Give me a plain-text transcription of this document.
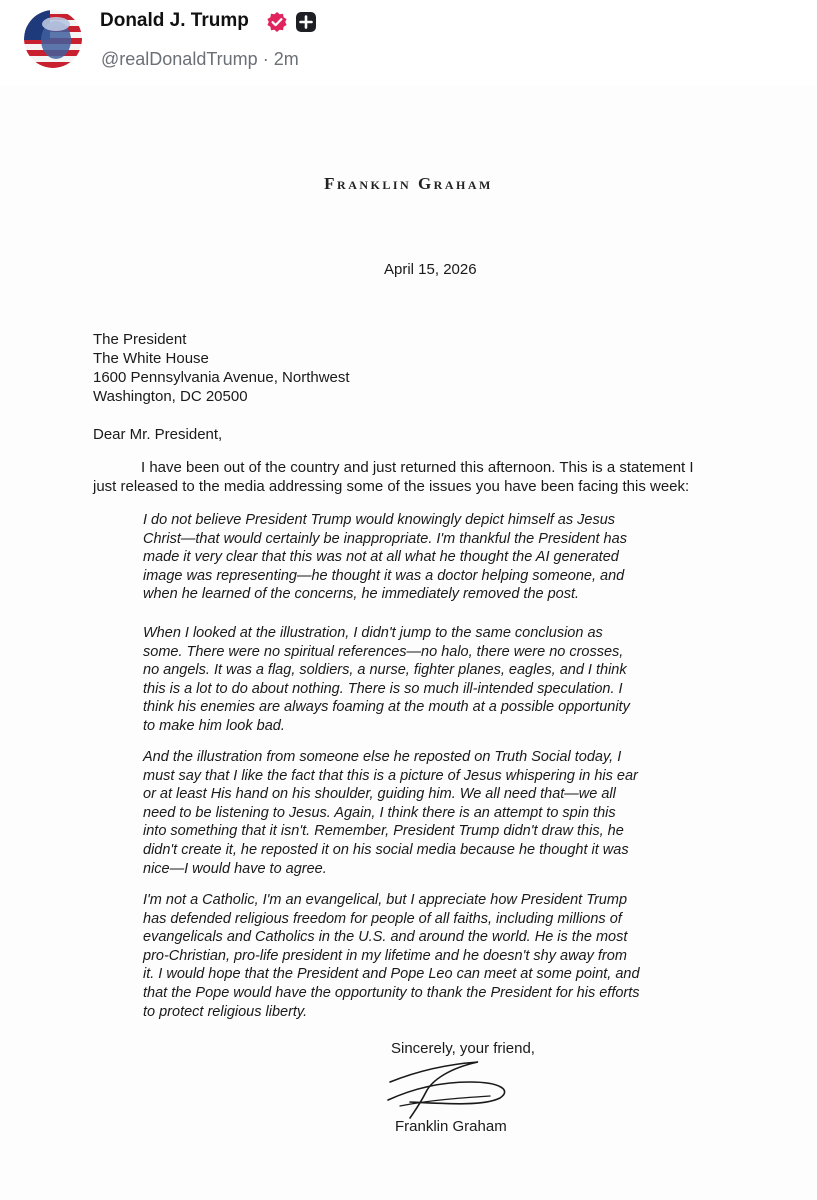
Donald J. Trump
@realDonaldTrump · 2m
Franklin Graham
April 15, 2026
The President
The White House
1600 Pennsylvania Avenue, Northwest
Washington, DC 20500
Dear Mr. President,
I have been out of the country and just returned this afternoon. This is a statement I
just released to the media addressing some of the issues you have been facing this week:
I do not believe President Trump would knowingly depict himself as Jesus
Christ—that would certainly be inappropriate. I'm thankful the President has
made it very clear that this was not at all what he thought the AI generated
image was representing—he thought it was a doctor helping someone, and
when he learned of the concerns, he immediately removed the post.
When I looked at the illustration, I didn't jump to the same conclusion as
some. There were no spiritual references—no halo, there were no crosses,
no angels. It was a flag, soldiers, a nurse, fighter planes, eagles, and I think
this is a lot to do about nothing. There is so much ill-intended speculation. I
think his enemies are always foaming at the mouth at a possible opportunity
to make him look bad.
And the illustration from someone else he reposted on Truth Social today, I
must say that I like the fact that this is a picture of Jesus whispering in his ear
or at least His hand on his shoulder, guiding him. We all need that—we all
need to be listening to Jesus. Again, I think there is an attempt to spin this
into something that it isn't. Remember, President Trump didn't draw this, he
didn't create it, he reposted it on his social media because he thought it was
nice—I would have to agree.
I'm not a Catholic, I'm an evangelical, but I appreciate how President Trump
has defended religious freedom for people of all faiths, including millions of
evangelicals and Catholics in the U.S. and around the world. He is the most
pro-Christian, pro-life president in my lifetime and he doesn't shy away from
it. I would hope that the President and Pope Leo can meet at some point, and
that the Pope would have the opportunity to thank the President for his efforts
to protect religious liberty.
Sincerely, your friend,
Franklin Graham
